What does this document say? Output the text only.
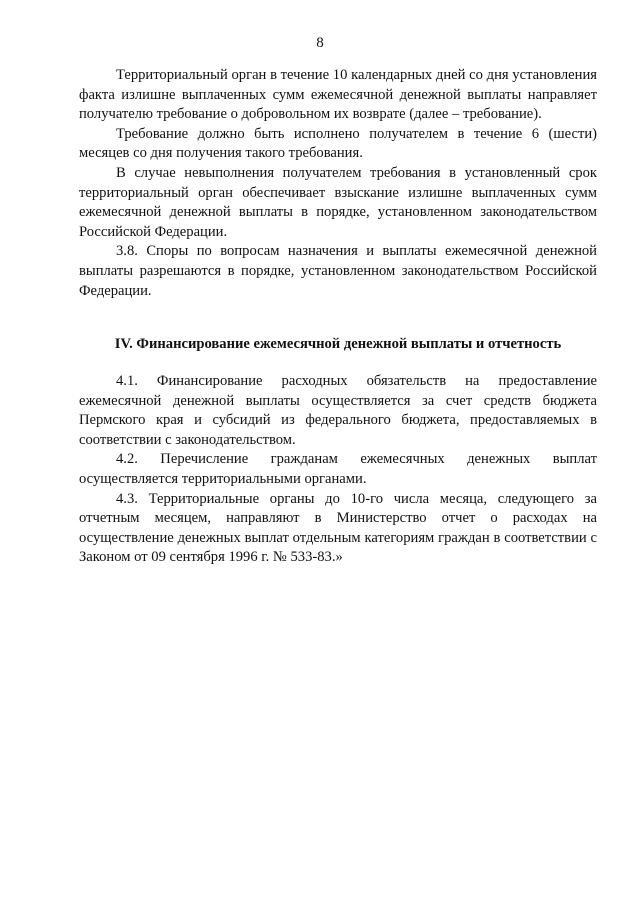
8

Территориальный орган в течение 10 календарных дней со дня установления факта излишне выплаченных сумм ежемесячной денежной выплаты направляет получателю требование о добровольном их возврате (далее – требование).

Требование должно быть исполнено получателем в течение 6 (шести) месяцев со дня получения такого требования.

В случае невыполнения получателем требования в установленный срок территориальный орган обеспечивает взыскание излишне выплаченных сумм ежемесячной денежной выплаты в порядке, установленном законодательством Российской Федерации.

3.8. Споры по вопросам назначения и выплаты ежемесячной денежной выплаты разрешаются в порядке, установленном законодательством Российской Федерации.

IV. Финансирование ежемесячной денежной выплаты и отчетность

4.1. Финансирование расходных обязательств на предоставление ежемесячной денежной выплаты осуществляется за счет средств бюджета Пермского края и субсидий из федерального бюджета, предоставляемых в соответствии с законодательством.

4.2. Перечисление гражданам ежемесячных денежных выплат осуществляется территориальными органами.

4.3. Территориальные органы до 10-го числа месяца, следующего за отчетным месяцем, направляют в Министерство отчет о расходах на осуществление денежных выплат отдельным категориям граждан в соответствии с Законом от 09 сентября 1996 г. № 533-83.»
